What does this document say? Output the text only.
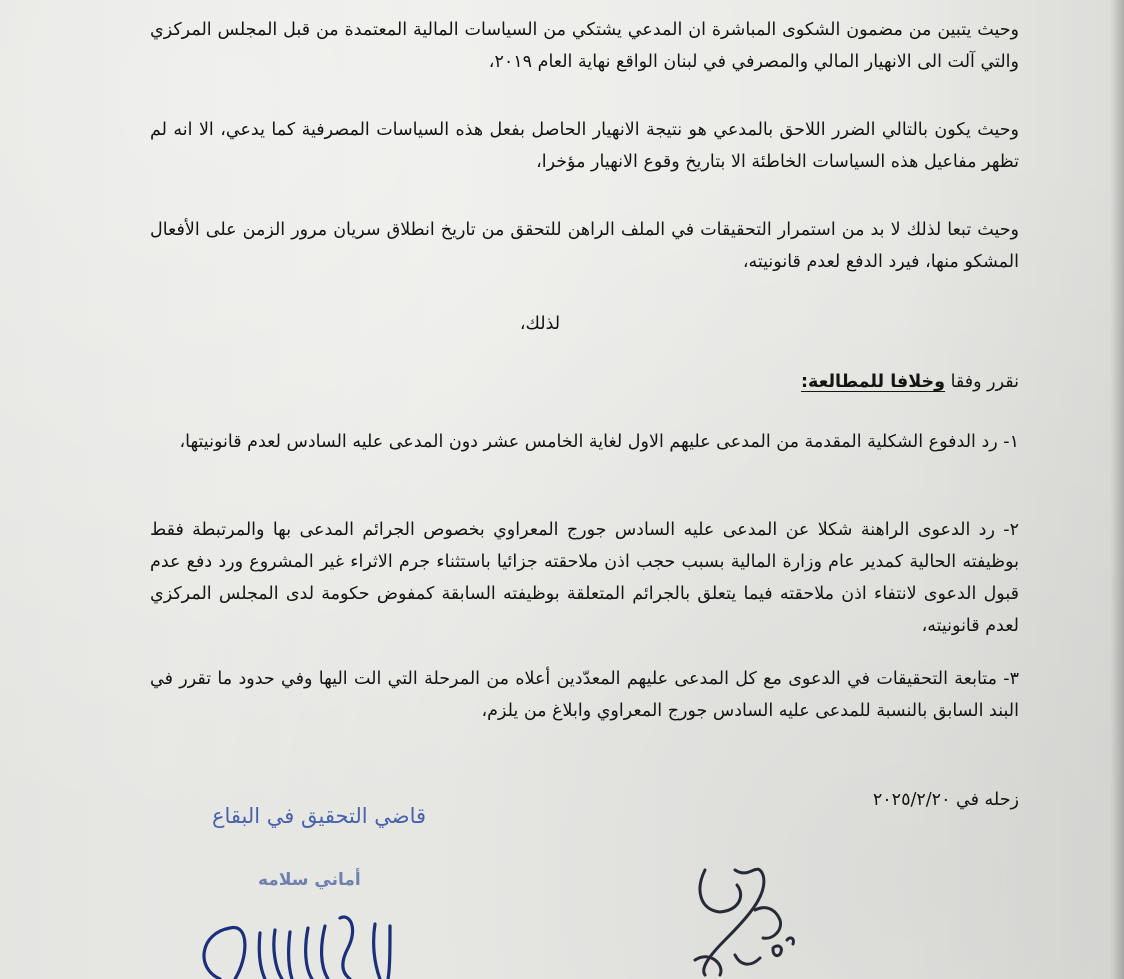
وحيث يتبين من مضمون الشكوى المباشرة ان المدعي يشتكي من السياسات المالية المعتمدة من قبل المجلس المركزي والتي آلت الى الانهيار المالي والمصرفي في لبنان الواقع نهاية العام ٢٠١٩،
وحيث يكون بالتالي الضرر اللاحق بالمدعي هو نتيجة الانهيار الحاصل بفعل هذه السياسات المصرفية كما يدعي، الا انه لم تظهر مفاعيل هذه السياسات الخاطئة الا بتاريخ وقوع الانهيار مؤخرا،
وحيث تبعا لذلك لا بد من استمرار التحقيقات في الملف الراهن للتحقق من تاريخ انطلاق سريان مرور الزمن على الأفعال المشكو منها، فيرد الدفع لعدم قانونيته،
لذلك،
نقرر وفقا وخلافا للمطالعة:
١- رد الدفوع الشكلية المقدمة من المدعى عليهم الاول لغاية الخامس عشر دون المدعى عليه السادس لعدم قانونيتها،
٢- رد الدعوى الراهنة شكلا عن المدعى عليه السادس جورج المعراوي بخصوص الجرائم المدعى بها والمرتبطة فقط بوظيفته الحالية كمدير عام وزارة المالية بسبب حجب اذن ملاحقته جزائيا باستثناء جرم الاثراء غير المشروع ورد دفع عدم قبول الدعوى لانتفاء اذن ملاحقته فيما يتعلق بالجرائم المتعلقة بوظيفته السابقة كمفوض حكومة لدى المجلس المركزي لعدم قانونيته،
٣- متابعة التحقيقات في الدعوى مع كل المدعى عليهم المعدّدين أعلاه من المرحلة التي الت اليها وفي حدود ما تقرر في البند السابق بالنسبة للمدعى عليه السادس جورج المعراوي وابلاغ من يلزم،
زحله في ٢٠٢٥/٢/٢٠
قاضي التحقيق في البقاع
أماني سلامه
